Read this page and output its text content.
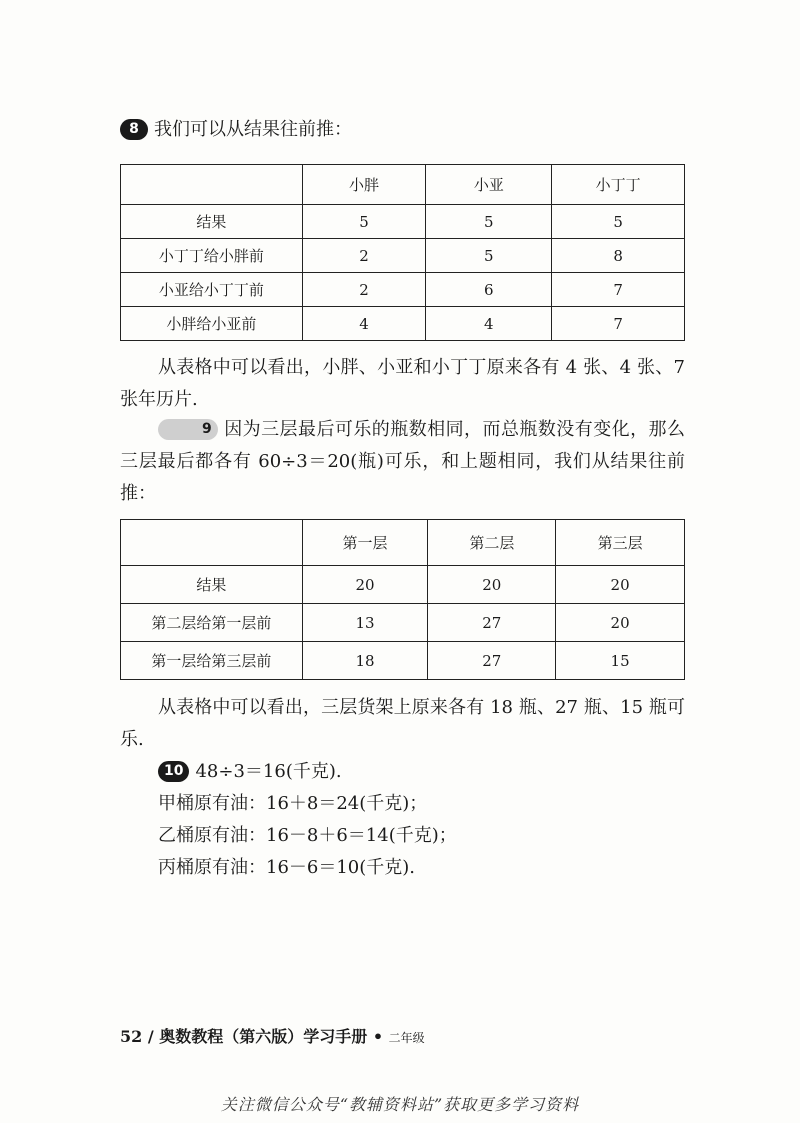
8 我们可以从结果往前推：
	小胖	小亚	小丁丁
结果	5	5	5
小丁丁给小胖前	2	5	8
小亚给小丁丁前	2	6	7
小胖给小亚前	4	4	7

从表格中可以看出，小胖、小亚和小丁丁原来各有 4 张、4 张、7 张年历片.

9 因为三层最后可乐的瓶数相同，而总瓶数没有变化，那么三层最后都各有 60÷3＝20(瓶)可乐，和上题相同，我们从结果往前推：

	第一层	第二层	第三层
结果	20	20	20
第二层给第一层前	13	27	20
第一层给第三层前	18	27	15

从表格中可以看出，三层货架上原来各有 18 瓶、27 瓶、15 瓶可乐.

10 48÷3＝16(千克).
甲桶原有油：16＋8＝24(千克)；
乙桶原有油：16－8＋6＝14(千克)；
丙桶原有油：16－6＝10(千克).
52 / 奥数教程（第六版）学习手册 • 二年级
关注微信公众号“教辅资料站”获取更多学习资料
